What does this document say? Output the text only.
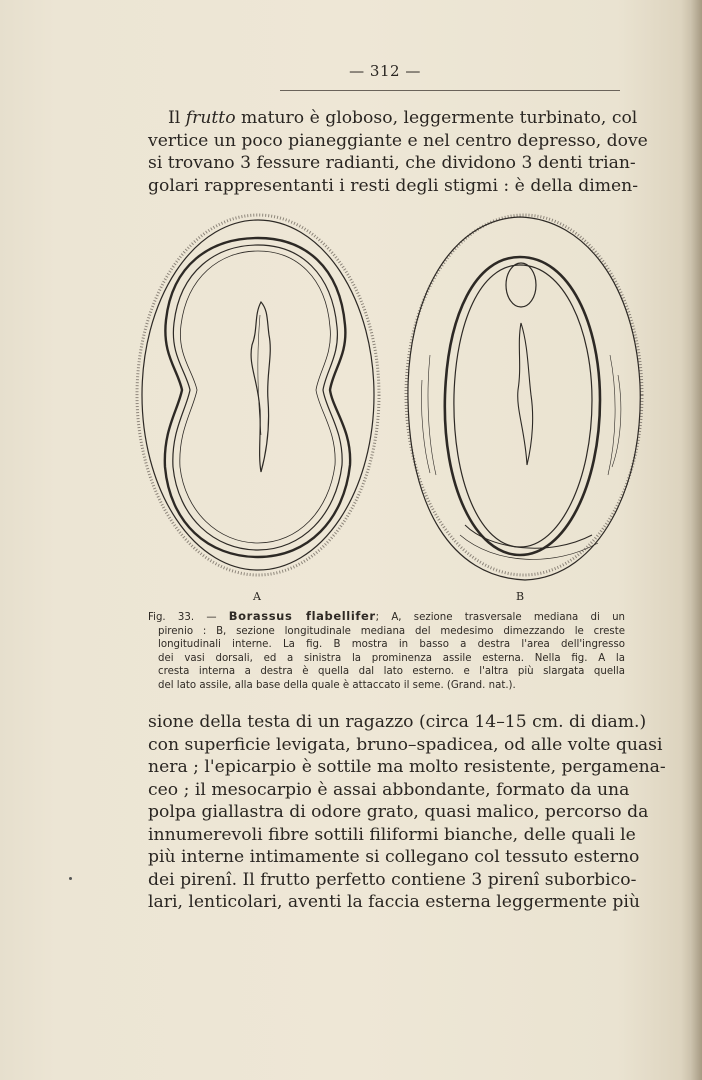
— 312 —
Il frutto maturo è globoso, leggermente turbinato, col
vertice un poco pianeggiante e nel centro depresso, dove
si trovano 3 fessure radianti, che dividono 3 denti trian-
golari rappresentanti i resti degli stigmi : è della dimen-
A	B
Fig. 33. — Borassus flabellifer; A, sezione trasversale mediana di un
pirenio : B, sezione longitudinale mediana del medesimo dimezzando le creste
longitudinali interne. La fig. B mostra in basso a destra l'area dell'ingresso
dei vasi dorsali, ed a sinistra la prominenza assile esterna. Nella fig. A la
cresta interna a destra è quella dal lato esterno. e l'altra più slargata quella
del lato assile, alla base della quale è attaccato il seme. (Grand. nat.).
sione della testa di un ragazzo (circa 14–15 cm. di diam.)
con superficie levigata, bruno–spadicea, od alle volte quasi
nera ; l'epicarpio è sottile ma molto resistente, pergamena-
ceo ; il mesocarpio è assai abbondante, formato da una
polpa giallastra di odore grato, quasi malico, percorso da
innumerevoli fibre sottili filiformi bianche, delle quali le
più interne intimamente si collegano col tessuto esterno
dei pirenî. Il frutto perfetto contiene 3 pirenî suborbico-
lari, lenticolari, aventi la faccia esterna leggermente più
